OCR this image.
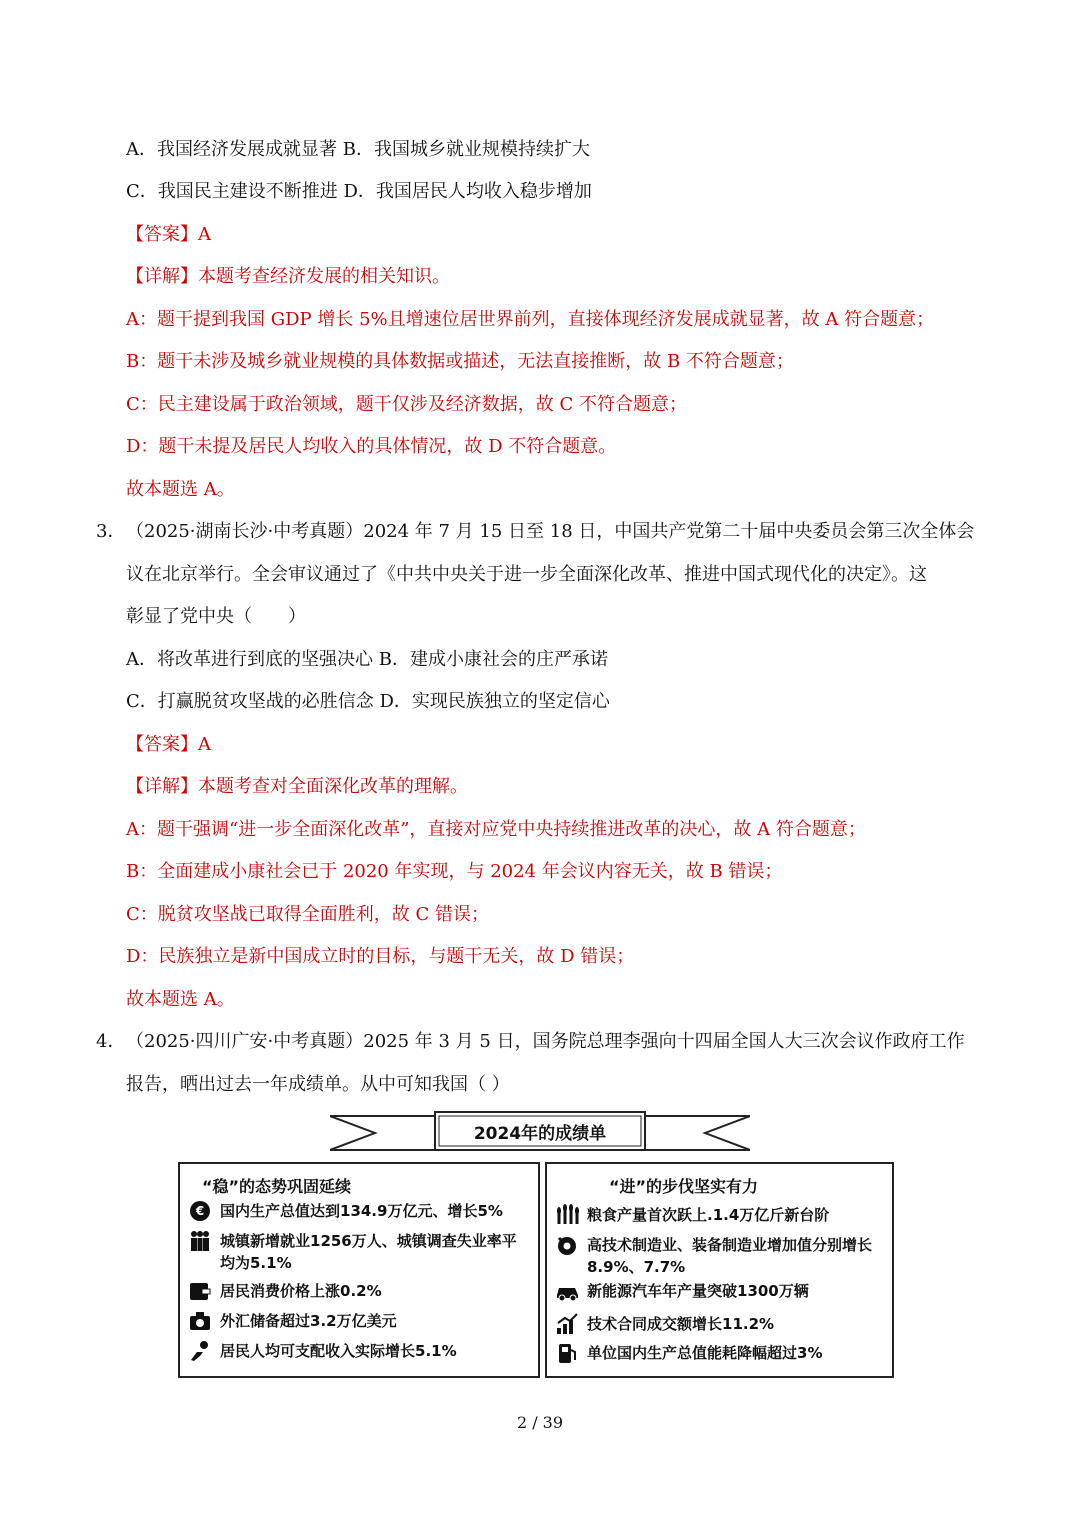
A．我国经济发展成就显著 B．我国城乡就业规模持续扩大
C．我国民主建设不断推进 D．我国居民人均收入稳步增加
【答案】A
【详解】本题考查经济发展的相关知识。
A：题干提到我国 GDP 增长 5%且增速位居世界前列，直接体现经济发展成就显著，故 A 符合题意；
B：题干未涉及城乡就业规模的具体数据或描述，无法直接推断，故 B 不符合题意；
C：民主建设属于政治领域，题干仅涉及经济数据，故 C 不符合题意；
D：题干未提及居民人均收入的具体情况，故 D 不符合题意。
故本题选 A。
3． （2025·湖南长沙·中考真题）2024 年 7 月 15 日至 18 日，中国共产党第二十届中央委员会第三次全体会
议在北京举行。全会审议通过了《中共中央关于进一步全面深化改革、推进中国式现代化的决定》。这
彰显了党中央（　　）
A．将改革进行到底的坚强决心 B．建成小康社会的庄严承诺
C．打赢脱贫攻坚战的必胜信念 D．实现民族独立的坚定信心
【答案】A
【详解】本题考查对全面深化改革的理解。
A：题干强调“进一步全面深化改革”，直接对应党中央持续推进改革的决心，故 A 符合题意；
B：全面建成小康社会已于 2020 年实现，与 2024 年会议内容无关，故 B 错误；
C：脱贫攻坚战已取得全面胜利，故 C 错误；
D：民族独立是新中国成立时的目标，与题干无关，故 D 错误；
故本题选 A。
4． （2025·四川广安·中考真题）2025 年 3 月 5 日，国务院总理李强向十四届全国人大三次会议作政府工作
报告，晒出过去一年成绩单。从中可知我国（ ）
2024年的成绩单
“稳”的态势巩固延续
€ 国内生产总值达到134.9万亿元、增长5%
城镇新增就业1256万人、城镇调查失业率平均为5.1%
居民消费价格上涨0.2%
外汇储备超过3.2万亿美元
居民人均可支配收入实际增长5.1%
“进”的步伐坚实有力
粮食产量首次跃上.1.4万亿斤新台阶
高技术制造业、装备制造业增加值分别增长8.9%、7.7%
新能源汽车年产量突破1300万辆
技术合同成交额增长11.2%
单位国内生产总值能耗降幅超过3%
2 / 39
